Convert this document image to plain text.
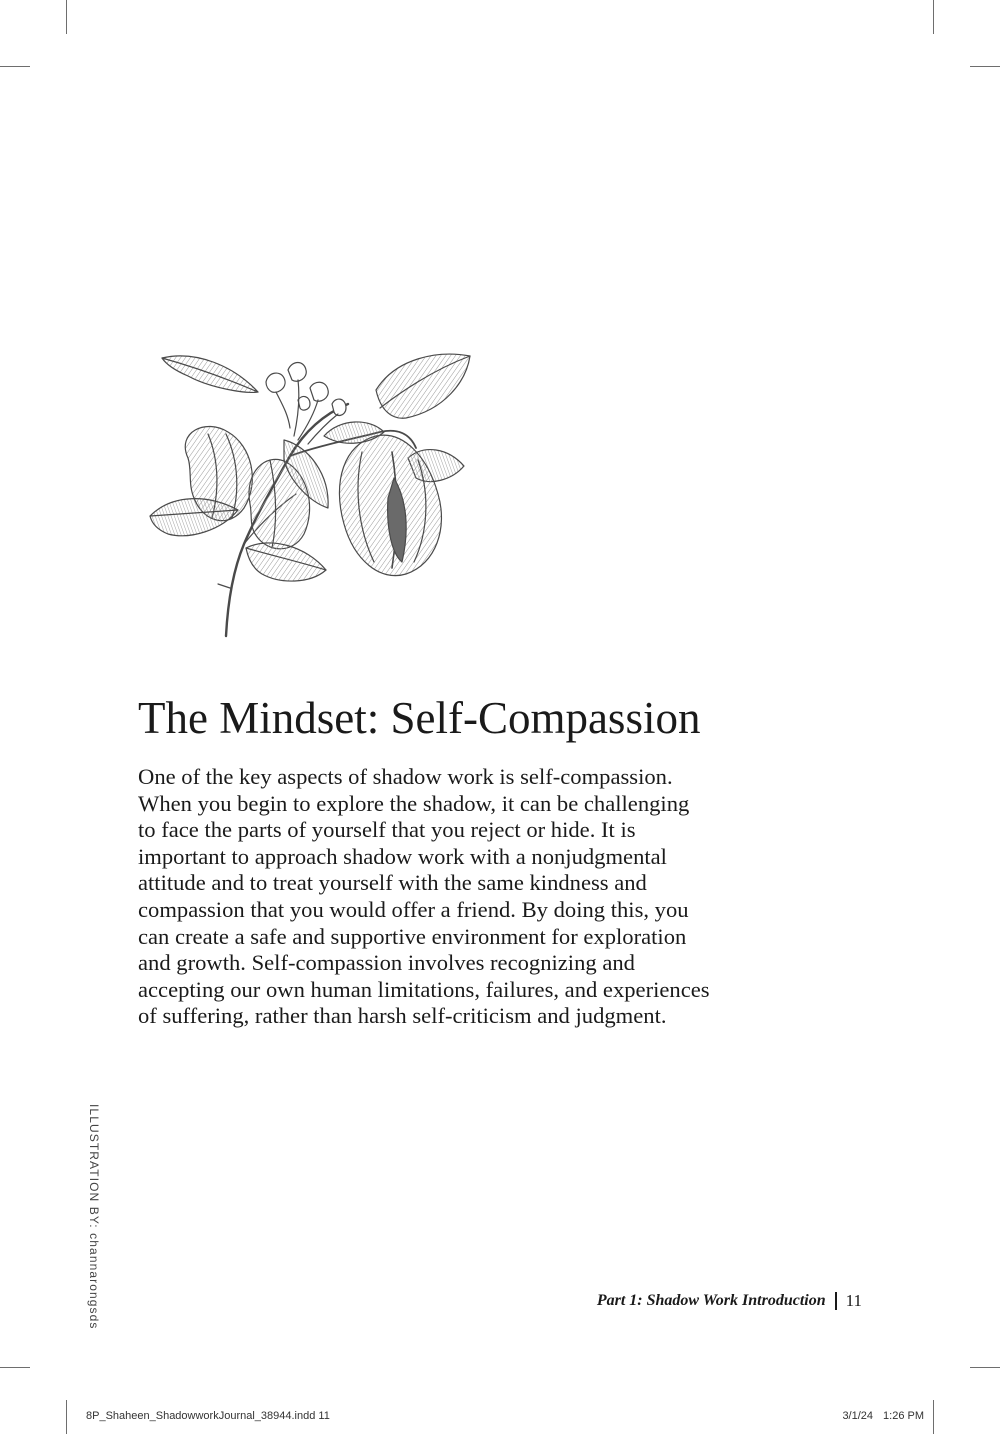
The Mindset: Self-Compassion

One of the key aspects of shadow work is self-compassion.
When you begin to explore the shadow, it can be challenging
to face the parts of yourself that you reject or hide. It is
important to approach shadow work with a nonjudgmental
attitude and to treat yourself with the same kindness and
compassion that you would offer a friend. By doing this, you
can create a safe and supportive environment for exploration
and growth. Self-compassion involves recognizing and
accepting our own human limitations, failures, and experiences
of suffering, rather than harsh self-criticism and judgment.

ILLUSTRATION BY: channarongsds	Part 1: Shadow Work Introduction 11
8P_Shaheen_ShadowworkJournal_38944.indd 11	3/1/24 1:26 PM
